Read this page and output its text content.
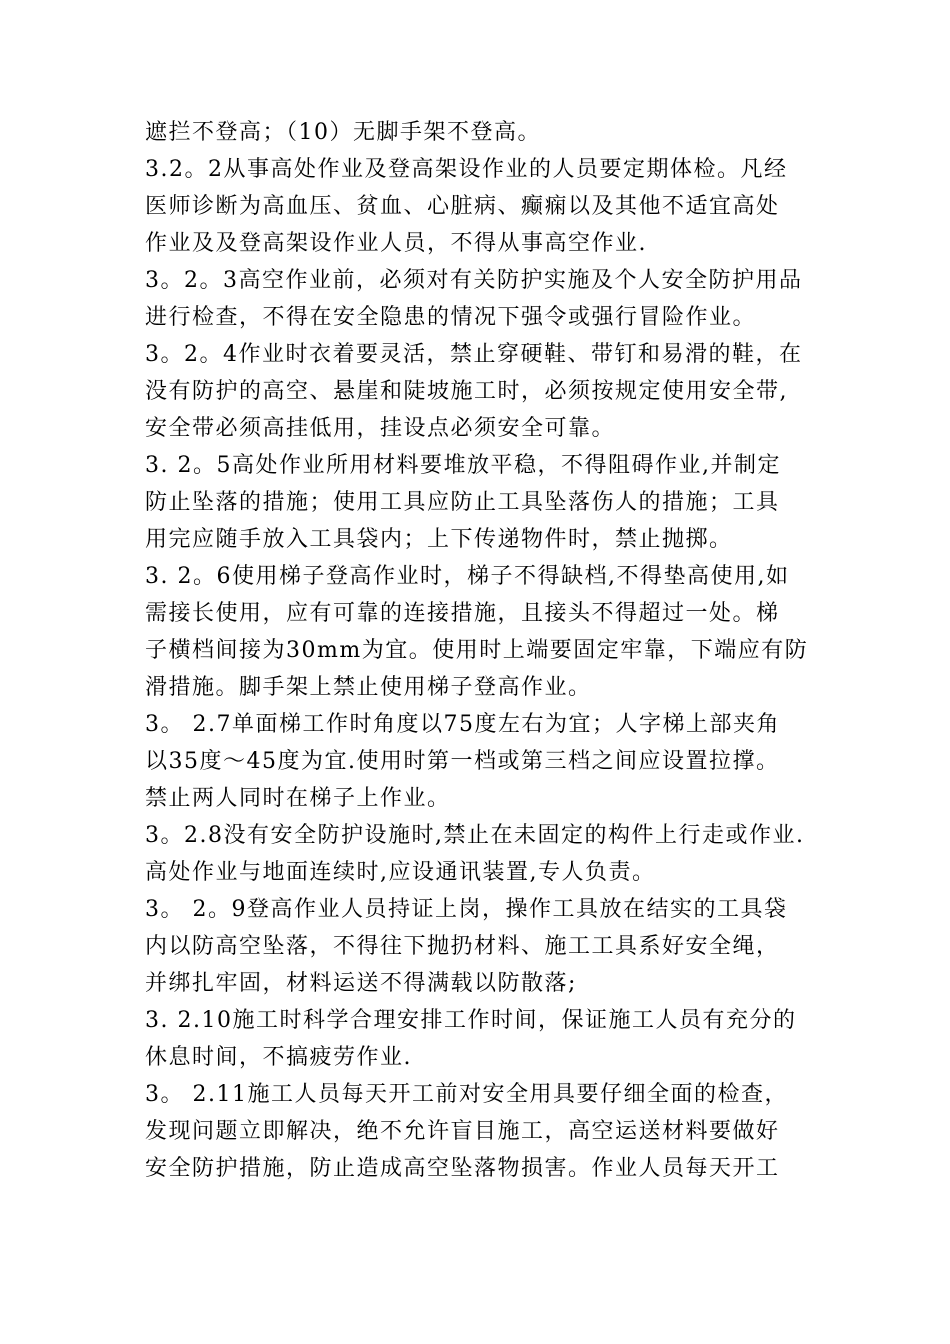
遮拦不登高；（10）无脚手架不登高。
3.2。2从事高处作业及登高架设作业的人员要定期体检。凡经
医师诊断为高血压、贫血、心脏病、癫痫以及其他不适宜高处
作业及及登高架设作业人员，不得从事高空作业.
3。2。3高空作业前，必须对有关防护实施及个人安全防护用品
进行检查，不得在安全隐患的情况下强令或强行冒险作业。
3。2。4作业时衣着要灵活，禁止穿硬鞋、带钉和易滑的鞋，在
没有防护的高空、悬崖和陡坡施工时，必须按规定使用安全带,
安全带必须高挂低用，挂设点必须安全可靠。
3. 2。5高处作业所用材料要堆放平稳，不得阻碍作业,并制定
防止坠落的措施；使用工具应防止工具坠落伤人的措施；工具
用完应随手放入工具袋内；上下传递物件时，禁止抛掷。
3. 2。6使用梯子登高作业时，梯子不得缺档,不得垫高使用,如
需接长使用，应有可靠的连接措施，且接头不得超过一处。梯
子横档间接为30mm为宜。使用时上端要固定牢靠，下端应有防
滑措施。脚手架上禁止使用梯子登高作业。
3。 2.7单面梯工作时角度以75度左右为宜；人字梯上部夹角
以35度～45度为宜.使用时第一档或第三档之间应设置拉撑。
禁止两人同时在梯子上作业。
3。2.8没有安全防护设施时,禁止在未固定的构件上行走或作业.
高处作业与地面连续时,应设通讯装置,专人负责。
3。 2。9登高作业人员持证上岗，操作工具放在结实的工具袋
内以防高空坠落，不得往下抛扔材料、施工工具系好安全绳，
并绑扎牢固，材料运送不得满载以防散落;
3. 2.10施工时科学合理安排工作时间，保证施工人员有充分的
休息时间，不搞疲劳作业.
3。 2.11施工人员每天开工前对安全用具要仔细全面的检查，
发现问题立即解决，绝不允许盲目施工，高空运送材料要做好
安全防护措施，防止造成高空坠落物损害。作业人员每天开工
